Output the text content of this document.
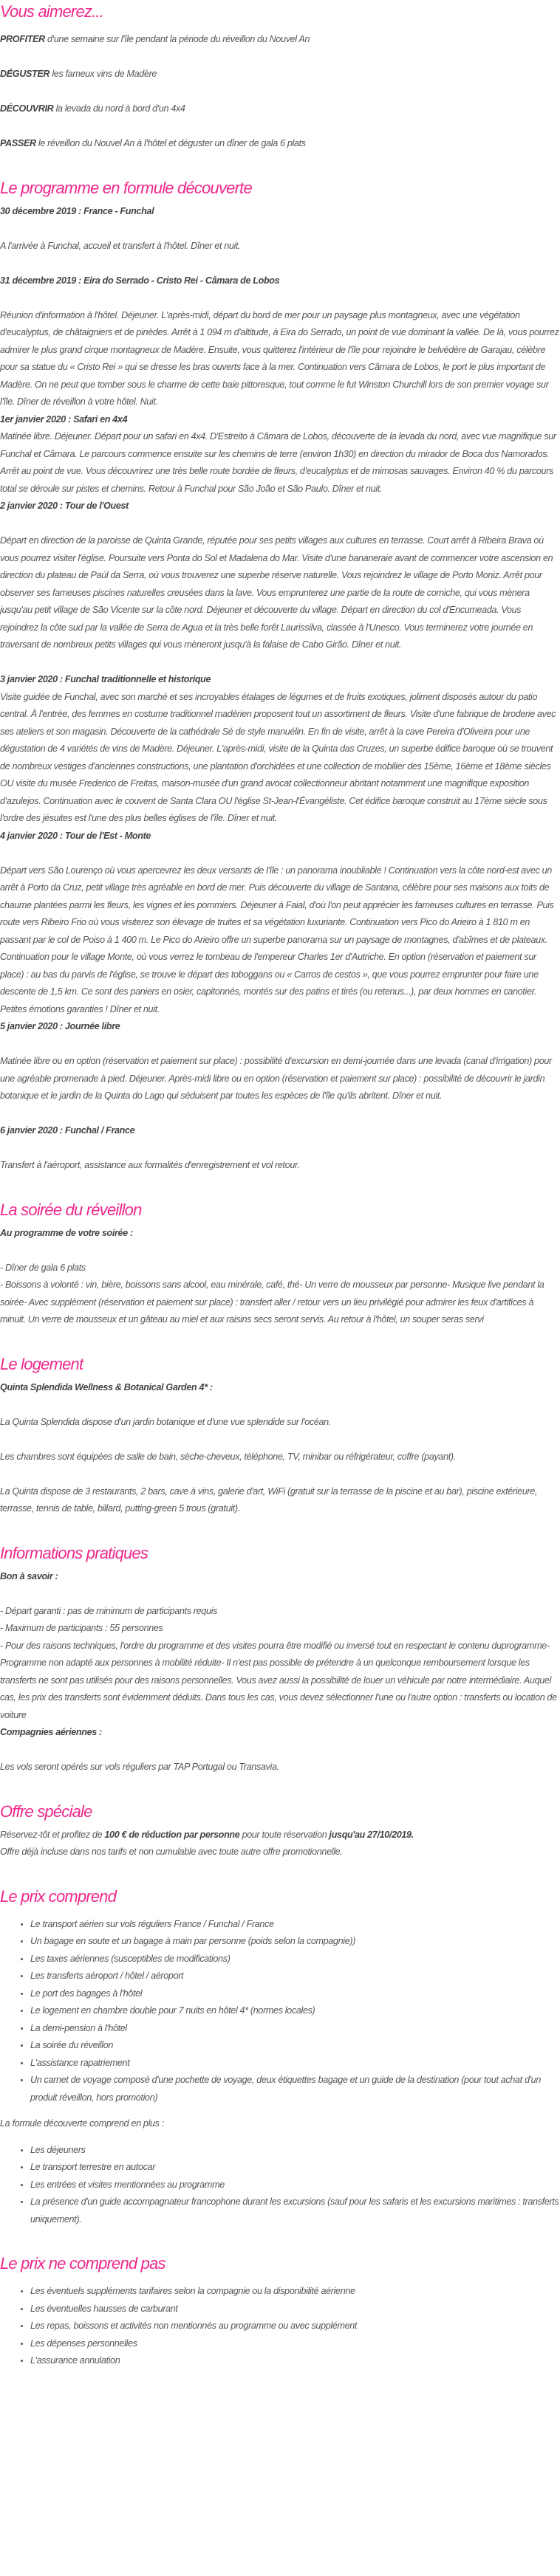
Vous aimerez...

PROFITER d'une semaine sur l'île pendant la période du réveillon du Nouvel An

DÉGUSTER les fameux vins de Madère

DÉCOUVRIR la levada du nord à bord d'un 4x4

PASSER le réveillon du Nouvel An à l'hôtel et déguster un dîner de gala 6 plats

Le programme en formule découverte

30 décembre 2019 : France - Funchal

A l'arrivée à Funchal, accueil et transfert à l'hôtel. Dîner et nuit.

31 décembre 2019 : Eira do Serrado - Cristo Rei - Câmara de Lobos

Réunion d'information à l'hôtel. Déjeuner. L'après-midi, départ du bord de mer pour un paysage plus montagneux, avec une végétation d'eucalyptus, de châtaigniers et de pinèdes. Arrêt à 1 094 m d'altitude, à Eira do Serrado, un point de vue dominant la vallée. De là, vous pourrez admirer le plus grand cirque montagneux de Madère. Ensuite, vous quitterez l'intérieur de l'île pour rejoindre le belvédère de Garajau, célèbre pour sa statue du « Cristo Rei » qui se dresse les bras ouverts face à la mer. Continuation vers Câmara de Lobos, le port le plus important de Madère. On ne peut que tomber sous le charme de cette baie pittoresque, tout comme le fut Winston Churchill lors de son premier voyage sur l'île. Dîner de réveillon à votre hôtel. Nuit.

1er janvier 2020 : Safari en 4x4

Matinée libre. Déjeuner. Départ pour un safari en 4x4. D'Estreito à Câmara de Lobos, découverte de la levada du nord, avec vue magnifique sur Funchal et Câmara. Le parcours commence ensuite sur les chemins de terre (environ 1h30) en direction du mirador de Boca dos Namorados. Arrêt au point de vue. Vous découvrirez une très belle route bordée de fleurs, d'eucalyptus et de mimosas sauvages. Environ 40 % du parcours total se déroule sur pistes et chemins. Retour à Funchal pour São João et São Paulo. Dîner et nuit.

2 janvier 2020 : Tour de l'Ouest

Départ en direction de la paroisse de Quinta Grande, réputée pour ses petits villages aux cultures en terrasse. Court arrêt à Ribeira Brava où vous pourrez visiter l'église. Poursuite vers Ponta do Sol et Madalena do Mar. Visite d'une bananeraie avant de commencer votre ascension en direction du plateau de Paúl da Serra, où vous trouverez une superbe réserve naturelle. Vous rejoindrez le village de Porto Moniz. Arrêt pour observer ses fameuses piscines naturelles creusées dans la lave. Vous emprunterez une partie de la route de corniche, qui vous mènera jusqu'au petit village de São Vicente sur la côte nord. Déjeuner et découverte du village. Départ en direction du col d'Encumeada. Vous rejoindrez la côte sud par la vallée de Serra de Agua et la très belle forêt Laurissilva, classée à l'Unesco. Vous terminerez votre journée en traversant de nombreux petits villages qui vous mèneront jusqu'à la falaise de Cabo Girão. Dîner et nuit.

3 janvier 2020 : Funchal traditionnelle et historique

Visite guidée de Funchal, avec son marché et ses incroyables étalages de légumes et de fruits exotiques, joliment disposés autour du patio central. À l'entrée, des femmes en costume traditionnel madérien proposent tout un assortiment de fleurs. Visite d'une fabrique de broderie avec ses ateliers et son magasin. Découverte de la cathédrale Sé de style manuélin. En fin de visite, arrêt à la cave Pereira d'Oliveira pour une dégustation de 4 variétés de vins de Madère. Déjeuner. L'après-midi, visite de la Quinta das Cruzes, un superbe édifice baroque où se trouvent de nombreux vestiges d'anciennes constructions, une plantation d'orchidées et une collection de mobilier des 15ème, 16ème et 18ème siècles OU visite du musée Frederico de Freitas, maison-musée d'un grand avocat collectionneur abritant notamment une magnifique exposition d'azulejos. Continuation avec le couvent de Santa Clara OU l'église St-Jean-l'Évangéliste. Cet édifice baroque construit au 17ème siècle sous l'ordre des jésuites est l'une des plus belles églises de l'île. Dîner et nuit.

4 janvier 2020 : Tour de l'Est - Monte

Départ vers São Lourenço où vous apercevrez les deux versants de l'île : un panorama inoubliable ! Continuation vers la côte nord-est avec un arrêt à Porto da Cruz, petit village très agréable en bord de mer. Puis découverte du village de Santana, célèbre pour ses maisons aux toits de chaume plantées parmi les fleurs, les vignes et les pommiers. Déjeuner à Faial, d'où l'on peut apprécier les fameuses cultures en terrasse. Puis route vers Ribeiro Frio où vous visiterez son élevage de truites et sa végétation luxuriante. Continuation vers Pico do Arieiro à 1 810 m en passant par le col de Poiso à 1 400 m. Le Pico do Arieiro offre un superbe panorama sur un paysage de montagnes, d'abîmes et de plateaux. Continuation pour le village Monte, où vous verrez le tombeau de l'empereur Charles 1er d'Autriche. En option (réservation et paiement sur place) : au bas du parvis de l'église, se trouve le départ des toboggans ou « Carros de cestos », que vous pourrez emprunter pour faire une descente de 1,5 km. Ce sont des paniers en osier, capitonnés, montés sur des patins et tirés (ou retenus...), par deux hommes en canotier. Petites émotions garanties ! Dîner et nuit.

5 janvier 2020 : Journée libre

Matinée libre ou en option (réservation et paiement sur place) : possibilité d'excursion en demi-journée dans une levada (canal d'irrigation) pour une agréable promenade à pied. Déjeuner. Après-midi libre ou en option (réservation et paiement sur place) : possibilité de découvrir le jardin botanique et le jardin de la Quinta do Lago qui séduisent par toutes les espèces de l'île qu'ils abritent. Dîner et nuit.

6 janvier 2020 : Funchal / France

Transfert à l'aéroport, assistance aux formalités d'enregistrement et vol retour.

La soirée du réveillon

Au programme de votre soirée :

- Dîner de gala 6 plats

- Boissons à volonté : vin, bière, boissons sans alcool, eau minérale, café, thé- Un verre de mousseux par personne- Musique live pendant la soirée- Avec supplément (réservation et paiement sur place) : transfert aller / retour vers un lieu privilégié pour admirer les feux d'artifices à minuit. Un verre de mousseux et un gâteau au miel et aux raisins secs seront servis. Au retour à l'hôtel, un souper seras servi

Le logement

Quinta Splendida Wellness & Botanical Garden 4* :

La Quinta Splendida dispose d'un jardin botanique et d'une vue splendide sur l'océan.

Les chambres sont équipées de salle de bain, sèche-cheveux, téléphone, TV, minibar ou réfrigérateur, coffre (payant).

La Quinta dispose de 3 restaurants, 2 bars, cave à vins, galerie d'art, WiFi (gratuit sur la terrasse de la piscine et au bar), piscine extérieure, terrasse, tennis de table, billard, putting-green 5 trous (gratuit).

Informations pratiques

Bon à savoir :

- Départ garanti : pas de minimum de participants requis

- Maximum de participants : 55 personnes

- Pour des raisons techniques, l'ordre du programme et des visites pourra être modifié ou inversé tout en respectant le contenu duprogramme- Programme non adapté aux personnes à mobilité réduite- Il n'est pas possible de prétendre à un quelconque remboursement lorsque les transferts ne sont pas utilisés pour des raisons personnelles. Vous avez aussi la possibilité de louer un véhicule par notre intermédiaire. Auquel cas, les prix des transferts sont évidemment déduits. Dans tous les cas, vous devez sélectionner l'une ou l'autre option : transferts ou location de voiture

Compagnies aériennes :

Les vols seront opérés sur vols réguliers par TAP Portugal ou Transavia.

Offre spéciale

Réservez-tôt et profitez de 100 € de réduction par personne pour toute réservation jusqu'au 27/10/2019.

Offre déjà incluse dans nos tarifs et non cumulable avec toute autre offre promotionnelle.

Le prix comprend
• Le transport aérien sur vols réguliers France / Funchal / France
• Un bagage en soute et un bagage à main par personne (poids selon la compagnie))
• Les taxes aériennes (susceptibles de modifications)
• Les transferts aéroport / hôtel / aéroport
• Le port des bagages à l'hôtel
• Le logement en chambre double pour 7 nuits en hôtel 4* (normes locales)
• La demi-pension à l'hôtel
• La soirée du réveillon
• L'assistance rapatriement
• Un carnet de voyage composé d'une pochette de voyage, deux étiquettes bagage et un guide de la destination (pour tout achat d'un produit réveillon, hors promotion)

La formule découverte comprend en plus :

• Les déjeuners
• Le transport terrestre en autocar
• Les entrées et visites mentionnées au programme
• La présence d'un guide accompagnateur francophone durant les excursions (sauf pour les safaris et les excursions maritimes : transferts uniquement).
Le prix ne comprend pas
• Les éventuels suppléments tarifaires selon la compagnie ou la disponibilité aérienne
• Les éventuelles hausses de carburant
• Les repas, boissons et activités non mentionnés au programme ou avec supplément
• Les dépenses personnelles
• L'assurance annulation
